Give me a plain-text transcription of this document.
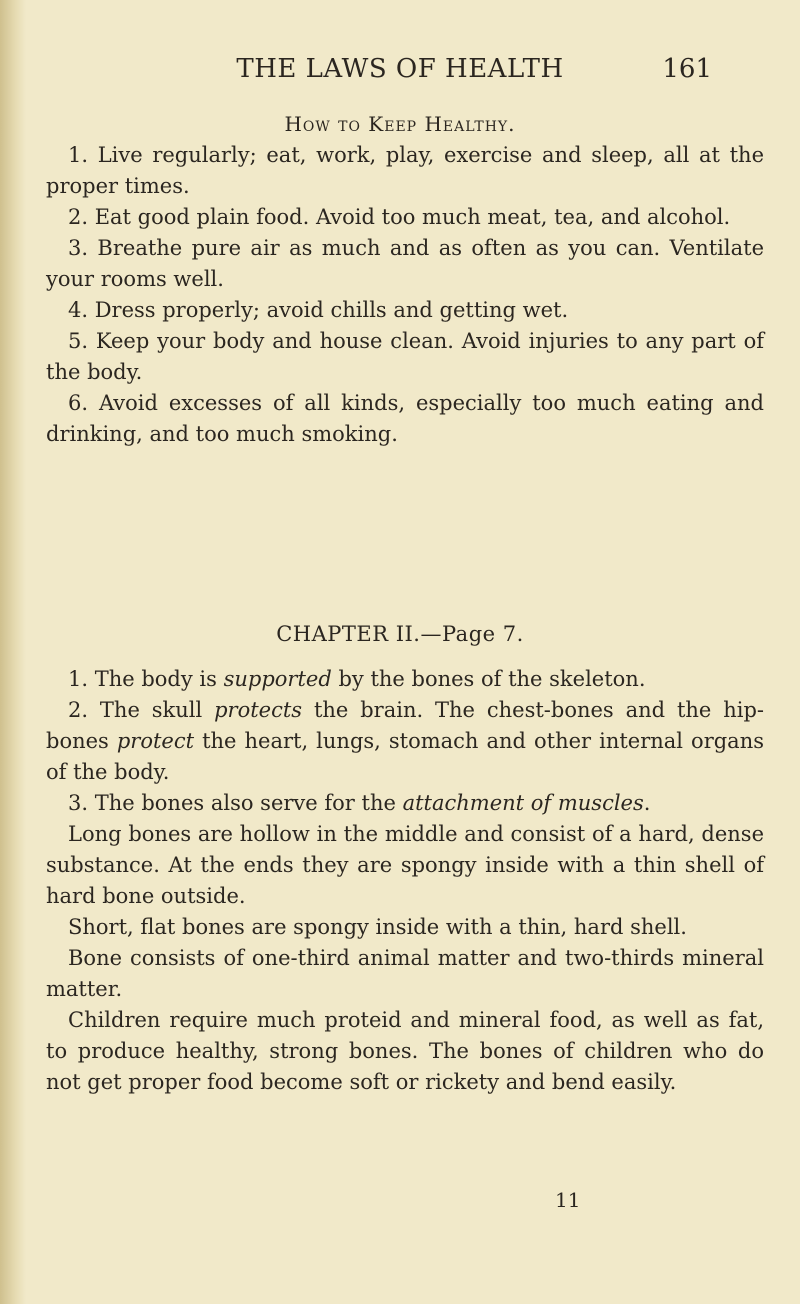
THE LAWS OF HEALTH	161
How to Keep Healthy.

1. Live regularly; eat, work, play, exercise and sleep, all at the proper times.

2. Eat good plain food. Avoid too much meat, tea, and alcohol.

3. Breathe pure air as much and as often as you can. Ventilate your rooms well.

4. Dress properly; avoid chills and getting wet.

5. Keep your body and house clean. Avoid injuries to any part of the body.

6. Avoid excesses of all kinds, especially too much eating and drinking, and too much smoking.

CHAPTER II.—Page 7.

1. The body is supported by the bones of the skeleton.

2. The skull protects the brain. The chest-bones and the hip-bones protect the heart, lungs, stomach and other internal organs of the body.

3. The bones also serve for the attachment of muscles.

Long bones are hollow in the middle and consist of a hard, dense substance. At the ends they are spongy inside with a thin shell of hard bone outside.

Short, flat bones are spongy inside with a thin, hard shell.

Bone consists of one-third animal matter and two-thirds mineral matter.

Children require much proteid and mineral food, as well as fat, to produce healthy, strong bones. The bones of children who do not get proper food become soft or rickety and bend easily.

11
